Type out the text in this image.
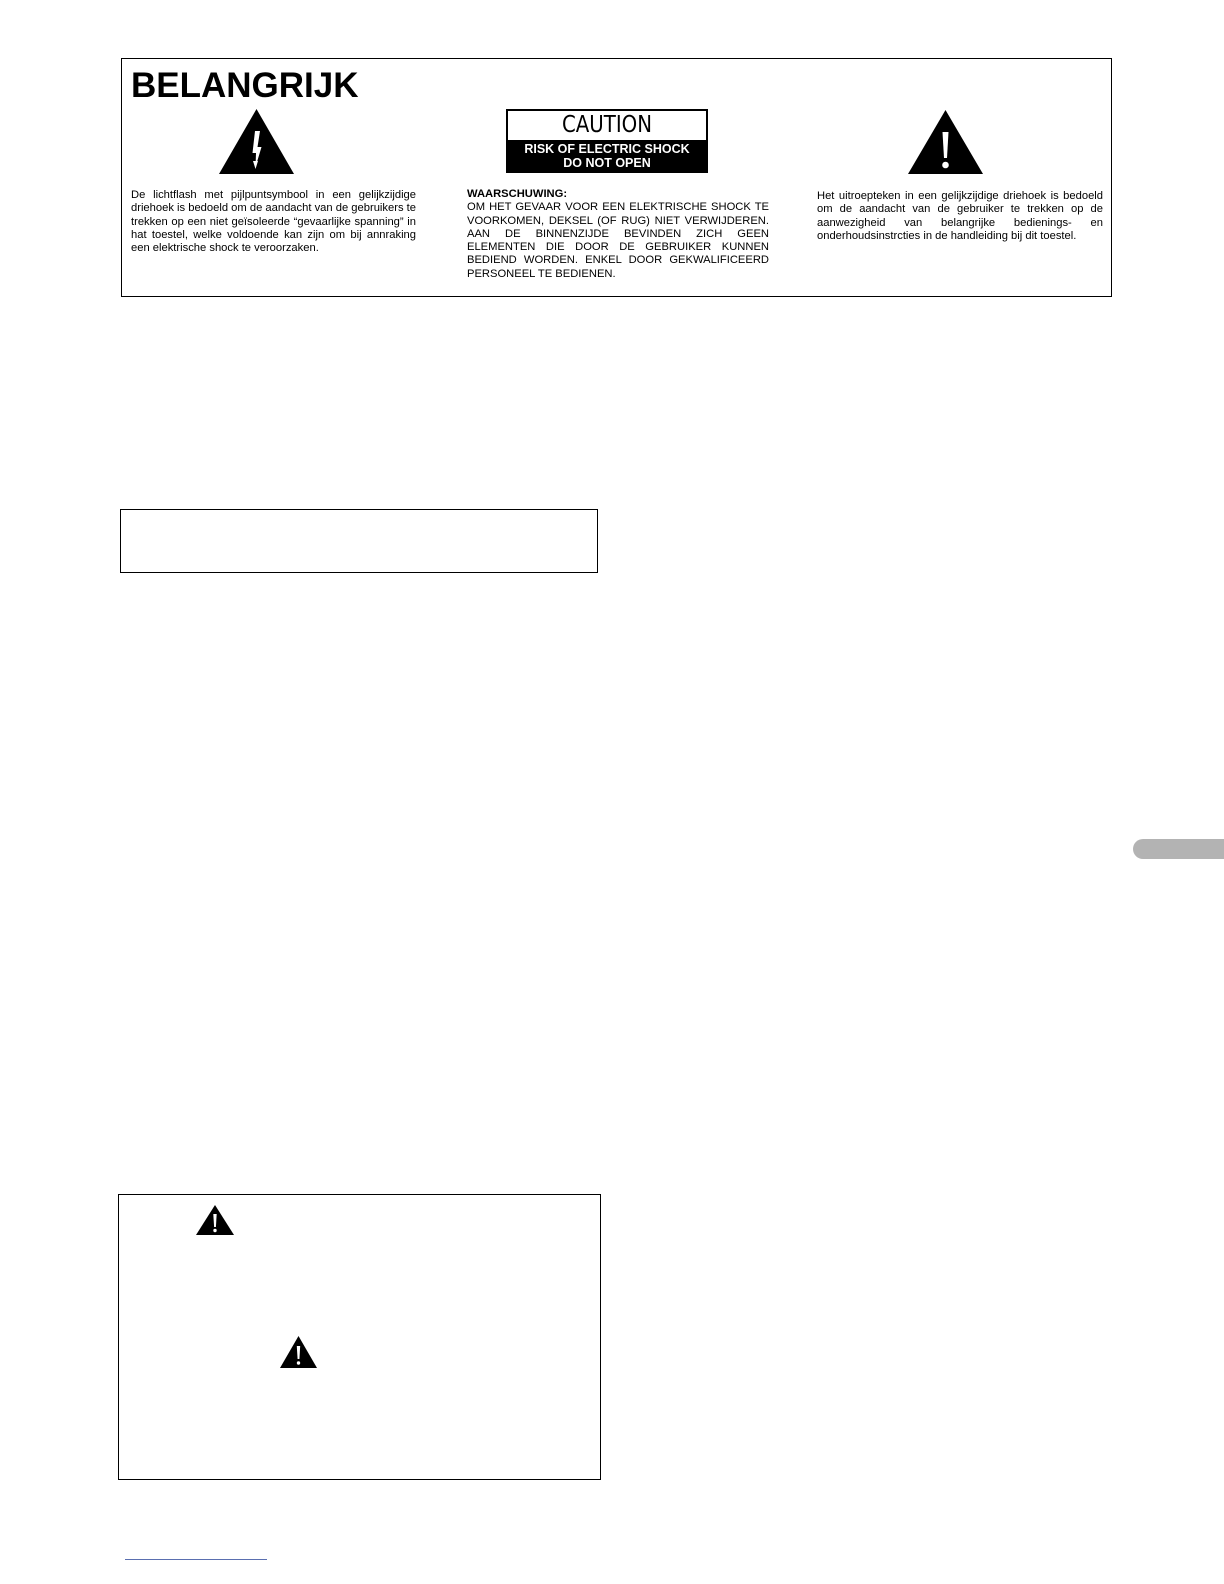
BELANGRIJK
CAUTION
RISK OF ELECTRIC SHOCK
DO NOT OPEN
De lichtflash met pijlpuntsymbool in een gelijkzijdige driehoek is bedoeld om de aandacht van de gebruikers te trekken op een niet geïsoleerde “gevaarlijke spanning” in hat toestel, welke voldoende kan zijn om bij annraking een elektrische shock te veroorzaken.
WAARSCHUWING:
OM HET GEVAAR VOOR EEN ELEKTRISCHE SHOCK TE VOORKOMEN, DEKSEL (OF RUG) NIET VERWIJDEREN. AAN DE BINNENZIJDE BEVINDEN ZICH GEEN ELEMENTEN DIE DOOR DE GEBRUIKER KUNNEN BEDIEND WORDEN. ENKEL DOOR GEKWALIFICEERD PERSONEEL TE BEDIENEN.
Het uitroepteken in een gelijkzijdige driehoek is bedoeld om de aandacht van de gebruiker te trekken op de aanwezigheid van belangrijke bedienings- en onderhoudsinstrcties in de handleiding bij dit toestel.
